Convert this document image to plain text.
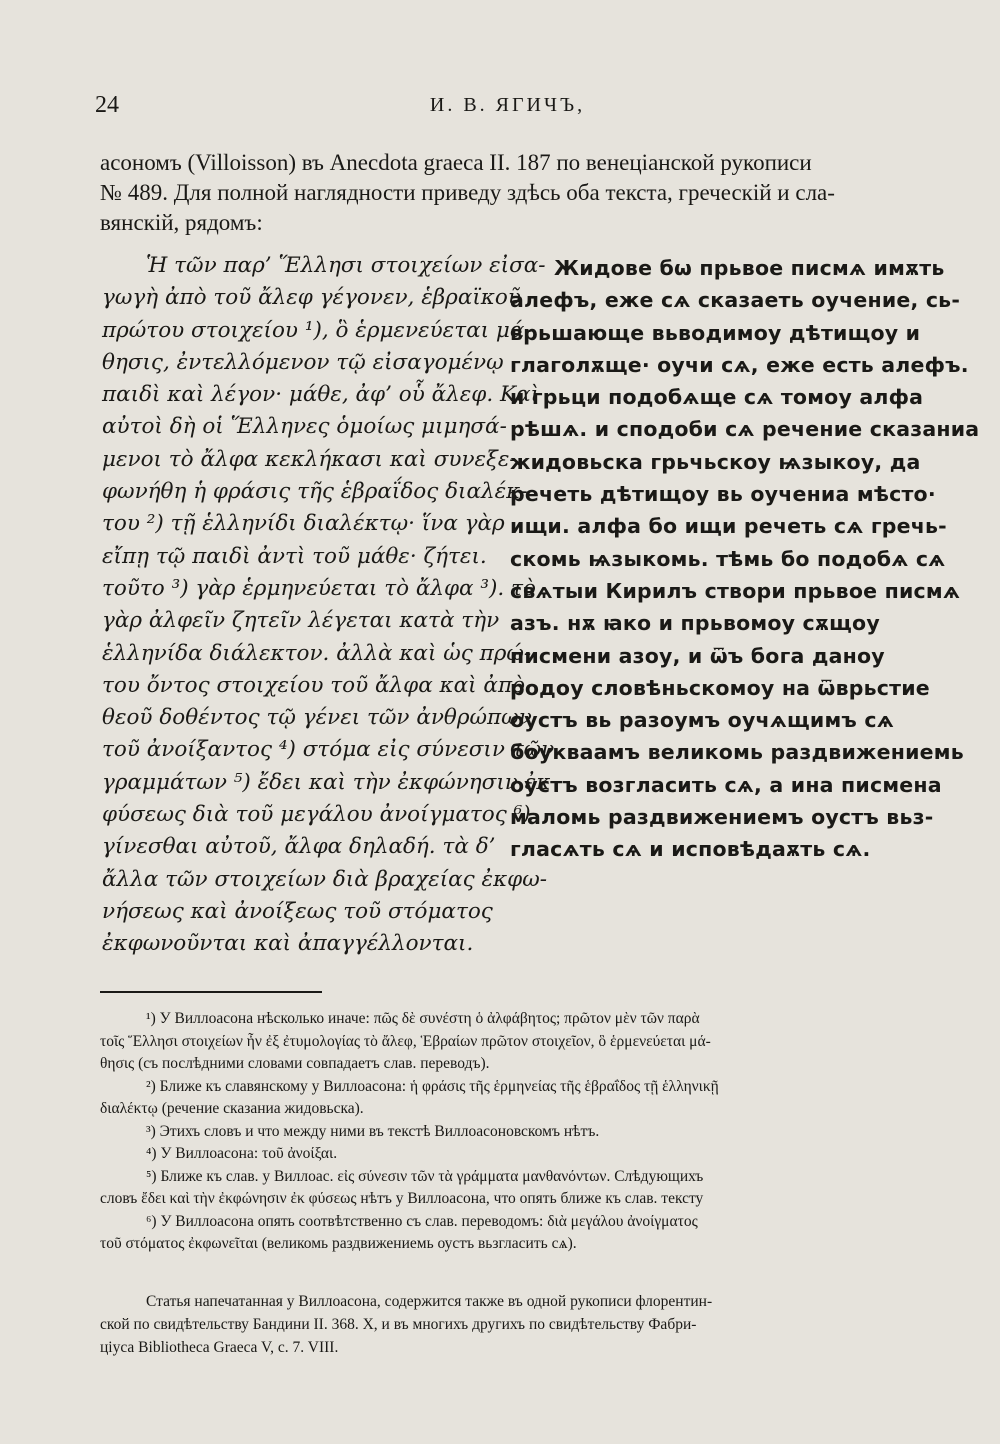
24	И. В. ЯГИЧЪ,
асономъ (Villoisson) въ Anecdota graeca II. 187 по венеціанской рукописи
№ 489. Для полной наглядности приведу здѣсь оба текста, греческій и сла-
вянскій, рядомъ:
Ἡ τῶν παρ’ Ἕλλησι στοιχείων εἰσα-
γωγὴ ἀπὸ τοῦ ἄλεφ γέγονεν, ἑβραϊκοῦ
πρώτου στοιχείου ¹), ὃ ἑρμενεύεται μά-
θησις, ἐντελλόμενον τῷ εἰσαγομένῳ
παιδὶ καὶ λέγον· μάθε, ἀφ’ οὗ ἄλεφ. Καὶ
αὐτοὶ δὴ οἱ Ἕλληνες ὁμοίως μιμησά-
μενοι τὸ ἄλφα κεκλήκασι καὶ συνεξε-
φωνήθη ἡ φράσις τῆς ἑβραΐδος διαλέκ-
του ²) τῇ ἑλληνίδι διαλέκτῳ· ἵνα γὰρ
εἴπῃ τῷ παιδὶ ἀντὶ τοῦ μάθε· ζήτει.
τοῦτο ³) γὰρ ἑρμηνεύεται τὸ ἄλφα ³). τὸ
γὰρ ἀλφεῖν ζητεῖν λέγεται κατὰ τὴν
ἑλληνίδα διάλεκτον. ἀλλὰ καὶ ὡς πρώ-
του ὄντος στοιχείου τοῦ ἄλφα καὶ ἀπὸ
θεοῦ δοθέντος τῷ γένει τῶν ἀνθρώπων
τοῦ ἀνοίξαντος ⁴) στόμα εἰς σύνεσιν τῶν
γραμμάτων ⁵) ἔδει καὶ τὴν ἐκφώνησιν ἐκ
φύσεως διὰ τοῦ μεγάλου ἀνοίγματος ⁶)
γίνεσθαι αὐτοῦ, ἄλφα δηλαδή. τὰ δ’
ἄλλα τῶν στοιχείων διὰ βραχείας ἐκφω-
νήσεως καὶ ἀνοίξεως τοῦ στόματος
ἐκφωνοῦνται καὶ ἀπαγγέλλονται.
Жидове бѡ прьвое писмѧ имѫть
алефъ, еже сѧ сказаеть оучение, сь-
врьшающе вьводимоу дѣтищоу и
глаголѫще· оучи сѧ, еже есть алефъ.
и грьци подобѧще сѧ томоу алфа
рѣшѧ. и сподоби сѧ речение сказаниа
жидовьска грьчьскоу ѩзыкоу, да
речеть дѣтищоу вь оучениа мѣсто·
ищи. алфа бо ищи речеть сѧ гречь-
скомь ѩзыкомь. тѣмь бо подобѧ сѧ
свѧтыи Кирилъ створи прьвое писмѧ
азъ. нѫ ꙗко и прьвомоу сѫщоу
писмени азоу, и ѿъ бога даноу
родоу словѣньскомоу на ѿврьстие
оустъ вь разоумъ оучѧщимъ сѧ
боукваамъ великомь раздвижениемь
оустъ возгласить сѧ, а ина писмена
маломь раздвижениемъ оустъ вьз-
гласѧть сѧ и исповѣдаѫть сѧ.
¹) У Виллоасона нѣсколько иначе: πῶς δὲ συνέστη ὁ ἀλφάβητος; πρῶτον μὲν τῶν παρὰ
τοῖς Ἕλλησι στοιχείων ἦν ἐξ ἐτυμολογίας τὸ ἄλεφ, Ἑβραίων πρῶτον στοιχεῖον, ὃ ἑρμενεύεται μά-
θησις (съ послѣдними словами совпадаетъ слав. переводъ).
²) Ближе къ славянскому у Виллоасона: ἡ φράσις τῆς ἑρμηνείας τῆς ἑβραΐδος τῇ ἑλληνικῇ
διαλέκτῳ (речение сказаниа жидовьска).
³) Этихъ словъ и что между ними въ текстѣ Виллоасоновскомъ нѣтъ.
⁴) У Виллоасона: τοῦ ἀνοίξαι.
⁵) Ближе къ слав. у Виллоас. εἰς σύνεσιν τῶν τὰ γράμματα μανθανόντων. Слѣдующихъ
словъ ἔδει καὶ τὴν ἐκφώνησιν ἐκ φύσεως нѣтъ у Виллоасона, что опять ближе къ слав. тексту
⁶) У Виллоасона опять соотвѣтственно съ слав. переводомъ: διὰ μεγάλου ἀνοίγματος
τοῦ στόματος ἐκφωνεῖται (великомь раздвижениемь оустъ вьзгласить сѧ).
Статья напечатанная у Виллоасона, содержится также въ одной рукописи флорентин-
ской по свидѣтельству Бандини II. 368. X, и въ многихъ другихъ по свидѣтельству Фабри-
ціуса Bibliotheca Graeca V, c. 7. VIII.
